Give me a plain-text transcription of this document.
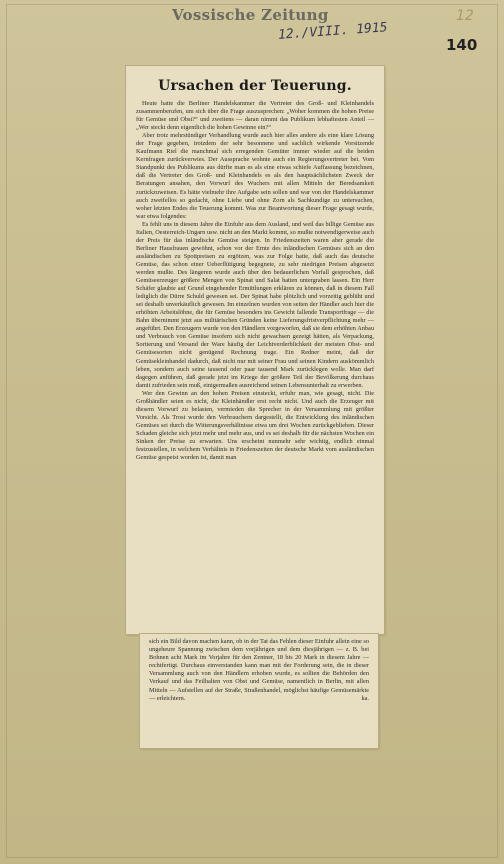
Vossische Zeitung
12./VIII. 1915
12
140
Ursachen der Teuerung.

Heute hatte die Berliner Handelskammer die Vertreter des Groß- und Kleinhandels zusammenberufen, um sich über die Frage auszusprechen: „Woher kommen die hohen Preise für Gemüse und Obst?“ und zweitens — daran nimmt das Publikum lebhaftesten Anteil — „Wer steckt denn eigentlich die hohen Gewinne ein?“

Aber trotz mehrstündiger Verhandlung wurde auch hier alles andere als eine klare Lösung der Frage gegeben, trotzdem der sehr besonnene und sachlich wirkende Vorsitzende Kaufmann Riel die manchmal sich erregenden Gemüter immer wieder auf die beiden Kernfragen zurückverwies. Der Aussprache wohnte auch ein Regierungsvertreter bei. Vom Standpunkt des Publikums aus dürfte man es als eine etwas schiefe Auffassung bezeichnen, daß die Vertreter des Groß- und Kleinhandels es als den hauptsächlichsten Zweck der Beratungen ansahen, den Vorwurf des Wuchers mit allen Mitteln der Beredsamkeit zurückzuweisen. Es hätte vielmehr ihre Aufgabe sein sollen und war von der Handelskammer auch zweifellos so gedacht, ohne Liebe und ohne Zorn als Sachkundige zu untersuchen, woher letzten Endes die Teuerung kommt. Was zur Beantwortung dieser Frage gesagt wurde, war etwa folgendes:

Es fehlt uns in diesem Jahre die Einfuhr aus dem Ausland, und weil das billige Gemüse aus Italien, Oesterreich-Ungarn usw. nicht an den Markt kommt, so mußte notwendigerweise auch der Preis für das inländische Gemüse steigen. In Friedenszeiten waren aber gerade die Berliner Hausfrauen gewöhnt, schon vor der Ernte des inländischen Gemüses sich an den ausländischen zu Spottpreisen zu ergötzen, was zur Folge hatte, daß auch das deutsche Gemüse, das schon einer Ueberflütigung begegnete, zu sehr niedrigen Preisen abgesetzt werden mußte. Des längeren wurde auch über den bedauerlichen Vorfall gesprochen, daß Gemüseerzeuger größere Mengen von Spinat und Salat hatten untergraben lassen. Ein Herr Schäfer glaubte auf Grund eingehender Ermittlungen erklären zu können, daß in diesem Fall lediglich die Dürre Schuld gewesen sei. Der Spinat habe plötzlich und vorzeitig geblüht und sei deshalb unverkäuflich gewesen. Im einzelnen wurden von seiten der Händler auch hier die erhöhten Arbeitslöhne, die für Gemüse besonders ins Gewicht fallende Transportfrage — die Bahn übernimmt jetzt aus militärischen Gründen keine Lieferungsfristverpflichtung mehr — angeführt. Den Erzeugern wurde von den Händlern vorgeworfen, daß sie dem erhöhten Anbau und Verbrauch von Gemüse insofern sich nicht gewachsen gezeigt hätten, als Verpackung, Sortierung und Versand der Ware häufig der Leichtverderblichkeit der meisten Obst- und Gemüsesorten nicht genügend Rechnung trage. Ein Redner meint, daß der Gemüsekleinhandel dadurch, daß nicht nur mit seiner Frau und seinen Kindern auskömmlich leben, sondern auch seine tausend oder paar tausend Mark zurücklegen wolle. Man darf dagegen anführen, daß gerade jetzt im Kriege der größere Teil der Bevölkerung durchaus damit zufrieden sein muß, einigermaßen ausreichend seinen Lebensunterhalt zu erwerben.

Wer den Gewinn an den hohen Preisen einsteckt, erfuhr man, wie gesagt, nicht. Die Großhändler seien es nicht, die Kleinhändler erst recht nicht. Und auch die Erzeuger mit diesem Vorwurf zu belasten, vermieden die Sprecher in der Versammlung mit größter Vorsicht. Als Trost wurde den Verbrauchern dargestellt, die Entwicklung des inländischen Gemüses sei durch die Witterungsverhältnisse etwa um drei Wochen zurückgeblieben. Dieser Schaden gleiche sich jetzt mehr und mehr aus, und es sei deshalb für die nächsten Wochen ein Sinken der Preise zu erwarten. Uns erscheint nunmehr sehr wichtig, endlich einmal festzustellen, in welchem Verhältnis in Friedenszeiten der deutsche Markt vom ausländischen Gemüse gespeist worden ist, damit man

sich ein Bild davon machen kann, ob in der Tat das Fehlen dieser Einfuhr allein eine so ungeheure Spannung zwischen dem vorjährigen und dem diesjährigen — z. B. bei Bohnen acht Mark im Vorjahre für den Zentner, 18 bis 20 Mark in diesem Jahre — rechtfertigt. Durchaus einverstanden kann man mit der Forderung sein, die in dieser Versammlung auch von den Händlern erhoben wurde, es sollten die Behörden den Verkauf und das Feilhalten von Obst und Gemüse, namentlich in Berlin, mit allen Mitteln — Aufstellen auf der Straße, Straßenhandel, möglichst häufige Gemüsemärkte — erleichtern.	ka.
